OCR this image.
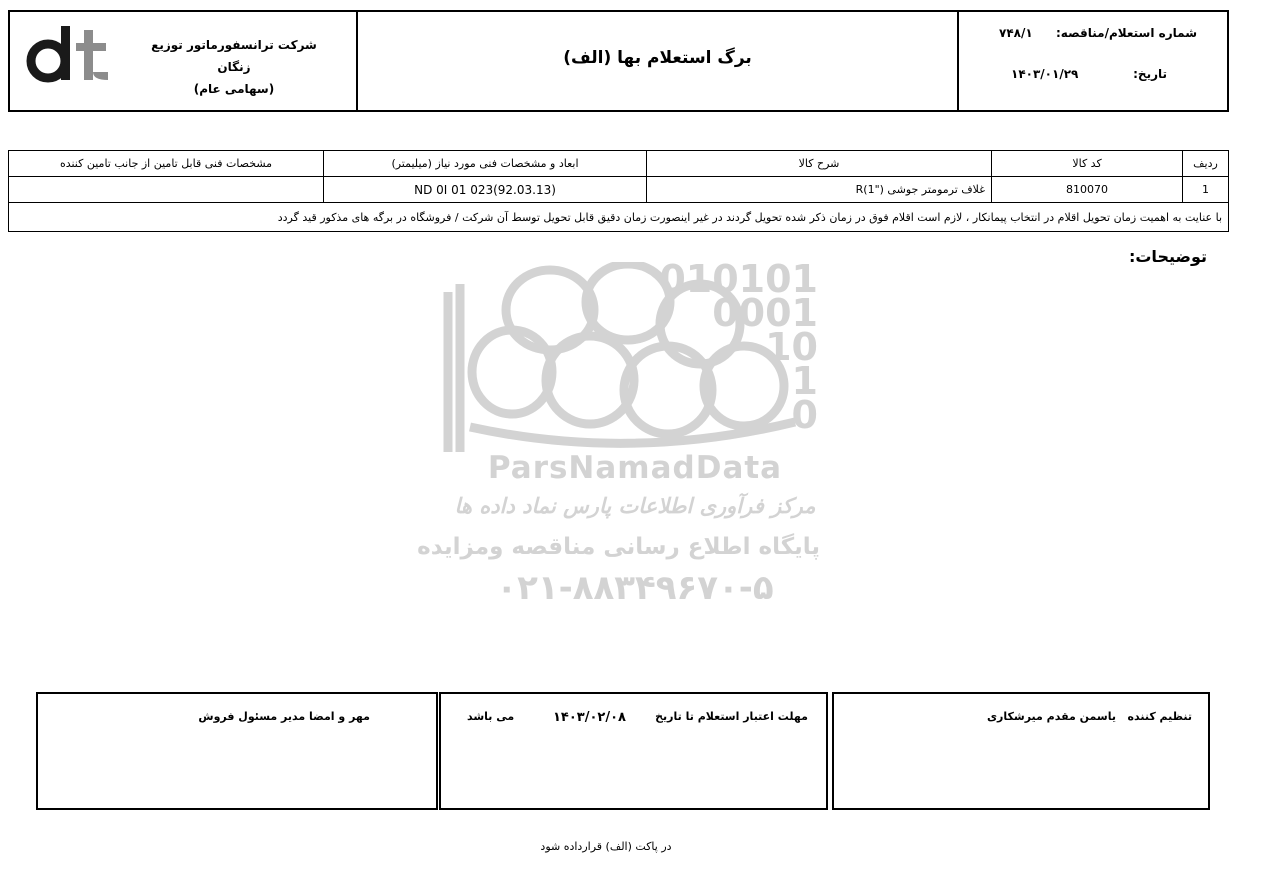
شرکت ترانسفورماتور توزیع زنگان
(سهامی عام)
برگ استعلام بها (الف)
شماره استعلام/مناقصه:
۷۴۸/۱
تاریخ:
۱۴۰۳/۰۱/۲۹
ردیف	کد کالا	شرح کالا	ابعاد و مشخصات فنی مورد نیاز (میلیمتر)	مشخصات فنی قابل تامین از جانب تامین کننده
1	810070	غلاف ترمومتر جوشی R(1")	ND 0I 01 023(92.03.13)	
با عنایت به اهمیت زمان تحویل اقلام در انتخاب پیمانکار ، لازم است اقلام فوق در زمان ذکر شده تحویل گردند در غیر اینصورت زمان دقیق قابل تحویل توسط آن شرکت / فروشگاه در برگه های مذکور قید گردد				
توضیحات:
010101
0001
10
1
0
ParsNamadData
مرکز فرآوری اطلاعات پارس نماد داده ها
پایگاه اطلاع رسانی مناقصه ومزایده
۰۲۱-۸۸۳۴۹۶۷۰-۵
تنظیم کننده
یاسمن مقدم میرشکاری
مهلت اعتبار استعلام تا تاریخ
۱۴۰۳/۰۲/۰۸
می باشد
مهر و امضا مدیر مسئول فروش
در پاکت (الف) قرارداده شود
